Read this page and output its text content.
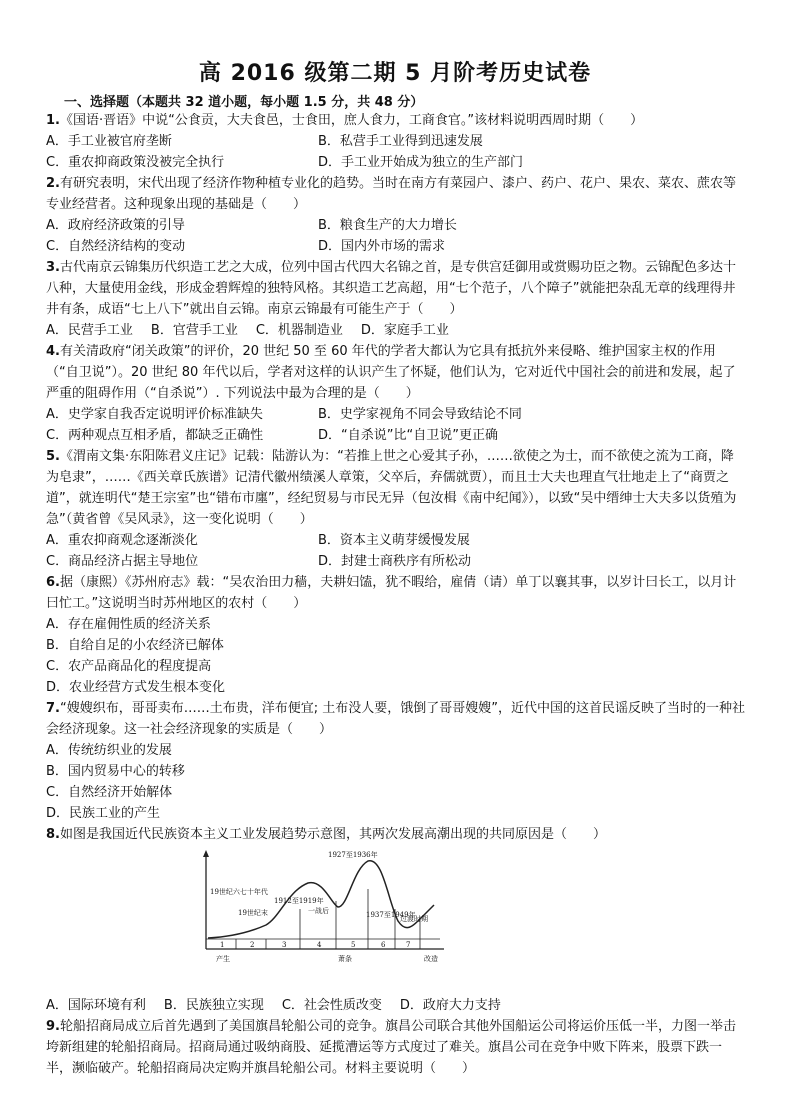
高 2016 级第二期 5 月阶考历史试卷
一、选择题（本题共 32 道小题，每小题 1.5 分，共 48 分）
1.《国语·晋语》中说“公食贡，大夫食邑，士食田，庶人食力，工商食官。”该材料说明西周时期（　　）
A．手工业被官府垄断	B．私营手工业得到迅速发展
C．重农抑商政策没被完全执行	D．手工业开始成为独立的生产部门
2.有研究表明，宋代出现了经济作物种植专业化的趋势。当时在南方有菜园户、漆户、药户、花户、果农、菜农、蔗农等专业经营者。这种现象出现的基础是（　　）
A．政府经济政策的引导	B．粮食生产的大力增长
C．自然经济结构的变动	D．国内外市场的需求
3.古代南京云锦集历代织造工艺之大成，位列中国古代四大名锦之首，是专供宫廷御用或赏赐功臣之物。云锦配色多达十八种，大量使用金线，形成金碧辉煌的独特风格。其织造工艺高超，用“七个范子，八个障子”就能把杂乱无章的线理得井井有条，成语“七上八下”就出自云锦。南京云锦最有可能生产于（　　）
A．民营手工业 B．官营手工业 C．机器制造业 D．家庭手工业
4.有关清政府“闭关政策”的评价，20 世纪 50 至 60 年代的学者大都认为它具有抵抗外来侵略、维护国家主权的作用（“自卫说”）。20 世纪 80 年代以后，学者对这样的认识产生了怀疑，他们认为，它对近代中国社会的前进和发展，起了严重的阻碍作用（“自杀说”）. 下列说法中最为合理的是（　　）
A．史学家自我否定说明评价标准缺失	B．史学家视角不同会导致结论不同
C．两种观点互相矛盾，都缺乏正确性	D．“自杀说”比“自卫说”更正确
5.《渭南文集·东阳陈君义庄记》记载：陆游认为：“若推上世之心爱其子孙，……欲使之为士，而不欲使之流为工商，降为皂隶”，……《西关章氏族谱》记清代徽州绩溪人章策，父卒后，弃儒就贾），而且士大夫也理直气壮地走上了“商贾之道”，就连明代“楚王宗室”也“错布市廛”，经纪贸易与市民无异（包汝楫《南中纪闻》），以致“吴中缙绅士大夫多以货殖为急”（黄省曾《吴风录》，这一变化说明（　　）
A．重农抑商观念逐渐淡化	B．资本主义萌芽缓慢发展
C．商品经济占据主导地位	D．封建士商秩序有所松动
6.据（康熙）《苏州府志》载：“吴农治田力穑，夫耕妇馌，犹不暇给，雇倩（请）单丁以襄其事，以岁计曰长工，以月计曰忙工。”这说明当时苏州地区的农村（　　）
A．存在雇佣性质的经济关系
B．自给自足的小农经济已解体
C．农产品商品化的程度提高
D．农业经营方式发生根本变化
7.“嫂嫂织布，哥哥卖布……土布贵，洋布便宜; 土布没人要，饿倒了哥哥嫂嫂”，近代中国的这首民谣反映了当时的一种社会经济现象。这一社会经济现象的实质是（　　）
A．传统纺织业的发展
B．国内贸易中心的转移
C．自然经济开始解体
D．民族工业的产生
8.如图是我国近代民族资本主义工业发展趋势示意图，其两次发展高潮出现的共同原因是（　　）
19世纪六七十年代
19世纪末
1912至1919年
一战后
1927至1936年
1937至1949年
过渡时期
1	2	3	4	5	6	7
产生	萧条	改造
A．国际环境有利 B．民族独立实现 C．社会性质改变 D．政府大力支持
9.轮船招商局成立后首先遇到了美国旗昌轮船公司的竞争。旗昌公司联合其他外国船运公司将运价压低一半，力图一举击垮新组建的轮船招商局。招商局通过吸纳商股、延揽漕运等方式度过了难关。旗昌公司在竞争中败下阵来，股票下跌一半，濒临破产。轮船招商局决定购并旗昌轮船公司。材料主要说明（　　）
